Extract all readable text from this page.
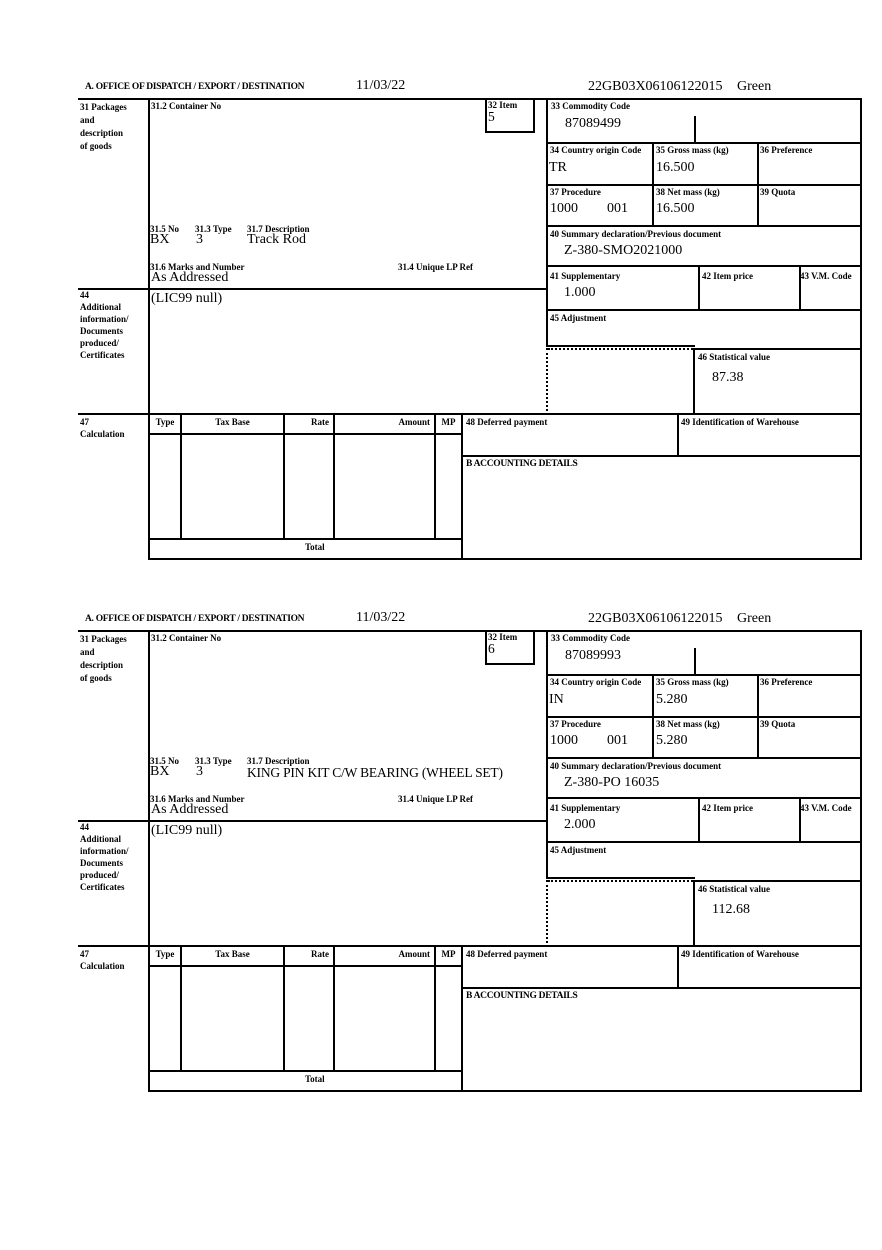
A. OFFICE OF DISPATCH / EXPORT / DESTINATION	11/03/22	22GB03X06106122015 Green
31 Packages
and
description
of goods
31.2 Container No	32 Item
5
33 Commodity Code
87089499
34 Country origin Code
TR
35 Gross mass (kg)
16.500
36 Preference
37 Procedure
1000 001
38 Net mass (kg)
16.500
39 Quota
31.5 No 31.3 Type 31.7 Description
BX 3	Track Rod	40 Summary declaration/Previous document
Z-380-SMO2021000
31.6 Marks and Number	31.4 Unique LP Ref
As Addressed	41 Supplementary
1.000
42 Item price	43 V.M. Code
44
Additional
information/
Documents
produced/
Certificates
(LIC99 null)
45 Adjustment
46 Statistical value
87.38
47
Calculation
Type	Tax Base	Rate	Amount	MP	48 Deferred payment	49 Identification of Warehouse
B ACCOUNTING DETAILS
Total
A. OFFICE OF DISPATCH / EXPORT / DESTINATION	11/03/22	22GB03X06106122015 Green
31 Packages
and
description
of goods
31.2 Container No	32 Item
6
33 Commodity Code
87089993
34 Country origin Code
IN
35 Gross mass (kg)
5.280
36 Preference
37 Procedure
1000 001
38 Net mass (kg)
5.280
39 Quota
31.5 No 31.3 Type 31.7 Description
BX 3	KING PIN KIT C/W BEARING (WHEEL SET)	40 Summary declaration/Previous document
Z-380-PO 16035
31.6 Marks and Number	31.4 Unique LP Ref
As Addressed	41 Supplementary
2.000
42 Item price	43 V.M. Code
44
Additional
information/
Documents
produced/
Certificates
(LIC99 null)
45 Adjustment
46 Statistical value
112.68
47
Calculation
Type	Tax Base	Rate	Amount	MP	48 Deferred payment	49 Identification of Warehouse
B ACCOUNTING DETAILS
Total
